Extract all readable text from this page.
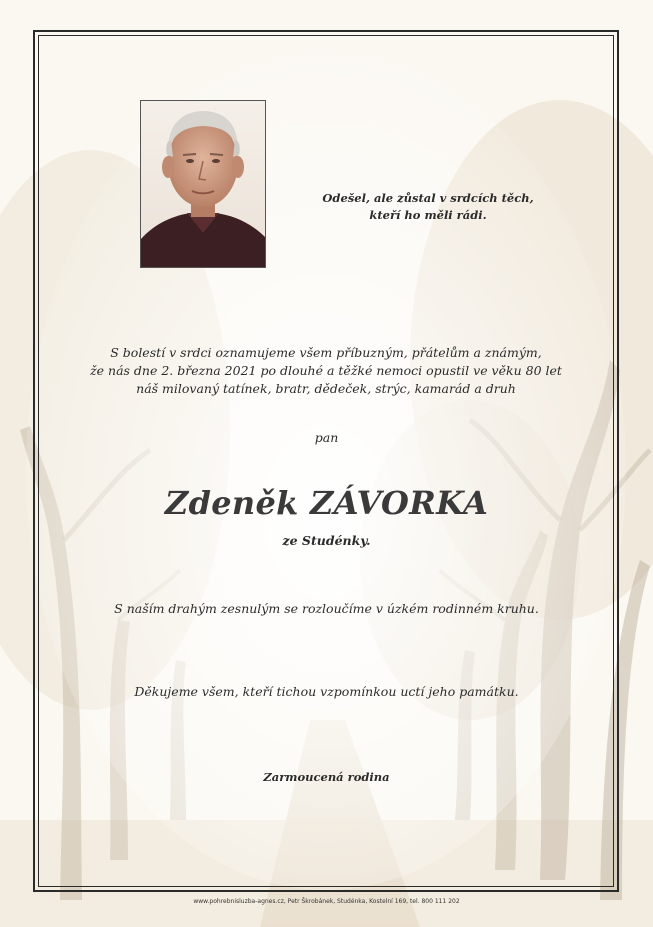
Odešel, ale zůstal v srdcích těch,
kteří ho měli rádi.
S bolestí v srdci oznamujeme všem příbuzným, přátelům a známým,
že nás dne 2. března 2021 po dlouhé a těžké nemoci opustil ve věku 80 let
náš milovaný tatínek, bratr, dědeček, strýc, kamarád a druh
pan
Zdeněk ZÁVORKA
ze Studénky.
S naším drahým zesnulým se rozloučíme v úzkém rodinném kruhu.
Děkujeme všem, kteří tichou vzpomínkou uctí jeho památku.
Zarmoucená rodina
www.pohrebnisluzba-agnes.cz, Petr Škrobánek, Studénka, Kostelní 169, tel. 800 111 202
